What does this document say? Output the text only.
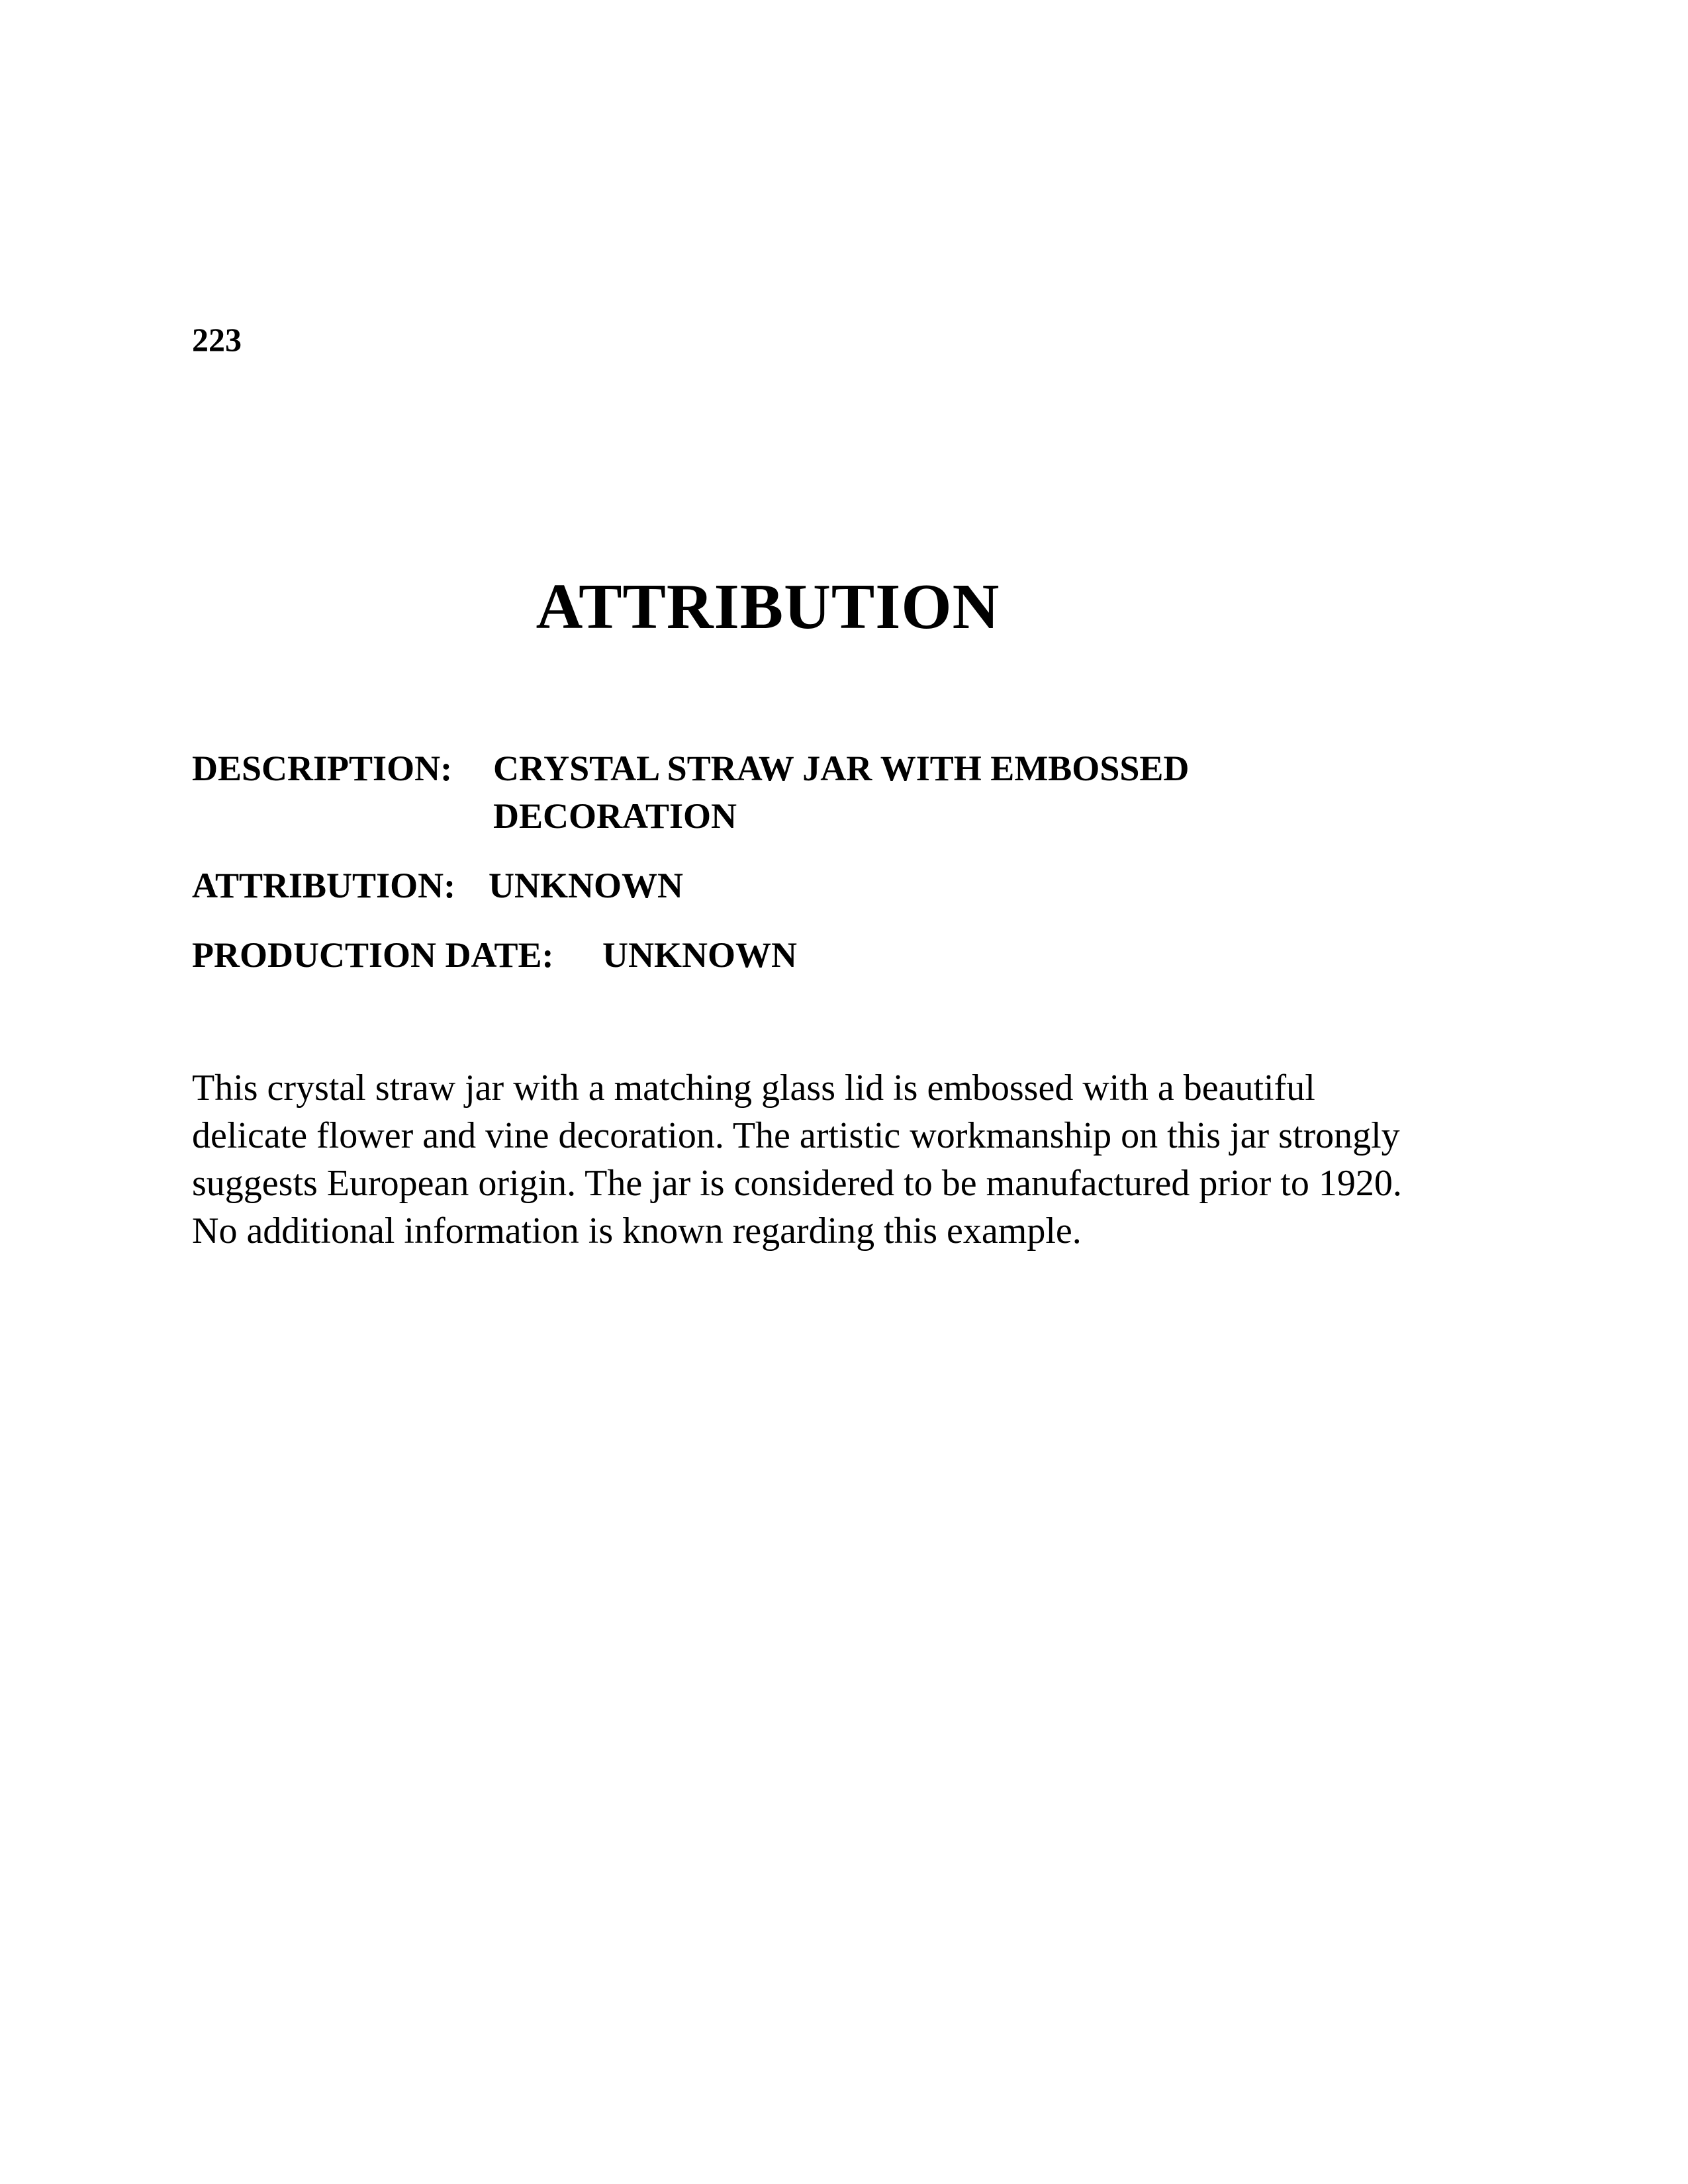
223
ATTRIBUTION
DESCRIPTION: CRYSTAL STRAW JAR WITH EMBOSSED DECORATION
ATTRIBUTION: UNKNOWN
PRODUCTION DATE: UNKNOWN

This crystal straw jar with a matching glass lid is embossed with a beautiful

delicate flower and vine decoration. The artistic workmanship on this jar strongly

suggests European origin. The jar is considered to be manufactured prior to 1920.

No additional information is known regarding this example.
